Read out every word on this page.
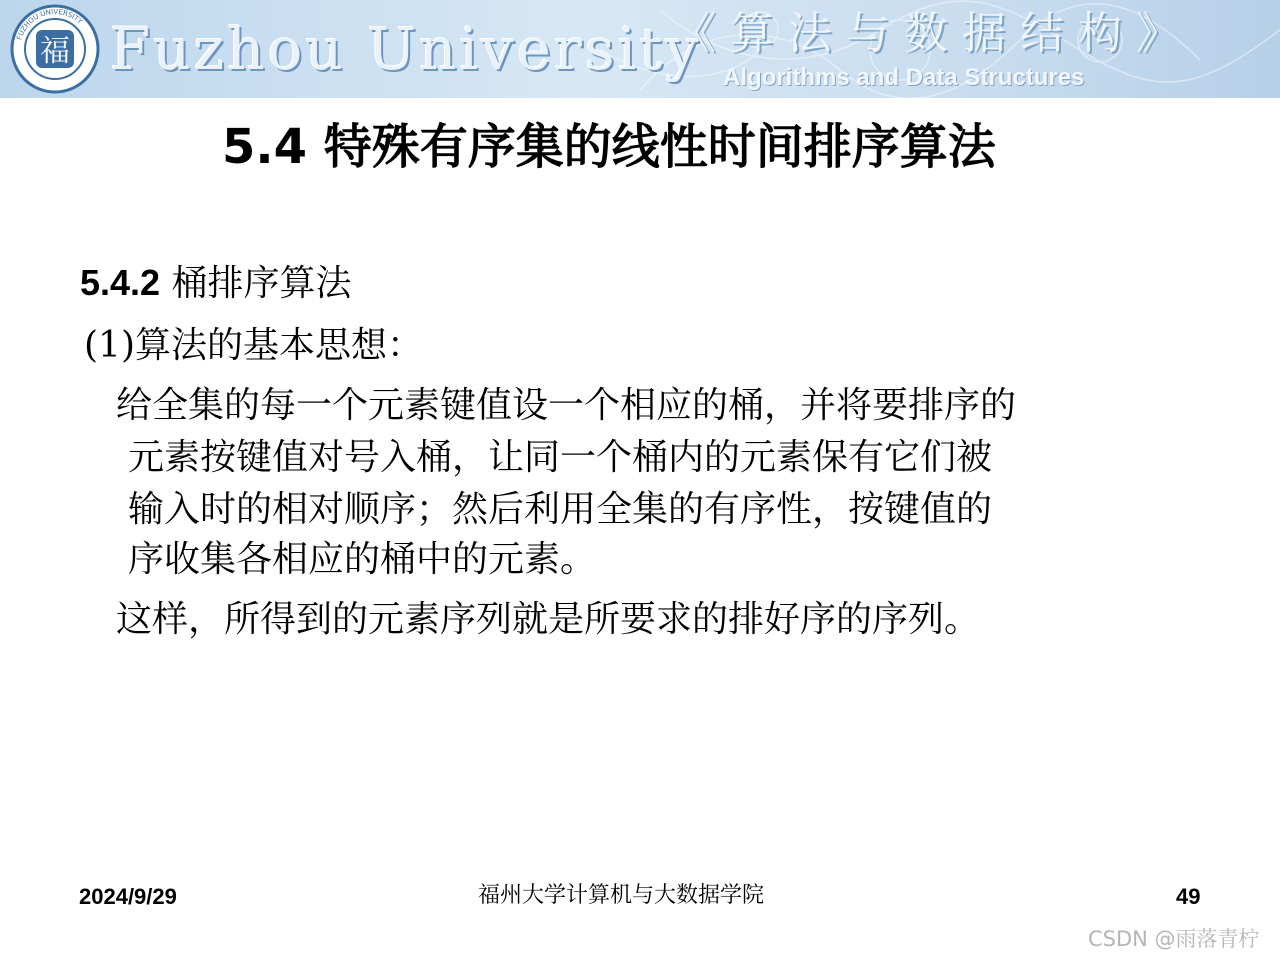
福
FUZHOU UNIVERSITY Fuzhou University
《算法与数据结构》
Algorithms and Data Structures
5.4 特殊有序集的线性时间排序算法
5.4.2 桶排序算法
(1)算法的基本思想：
给全集的每一个元素键值设一个相应的桶，并将要排序的
元素按键值对号入桶，让同一个桶内的元素保有它们被
输入时的相对顺序；然后利用全集的有序性，按键值的
序收集各相应的桶中的元素。
这样，所得到的元素序列就是所要求的排好序的序列。
2024/9/29	福州大学计算机与大数据学院	49
CSDN @雨落青柠
